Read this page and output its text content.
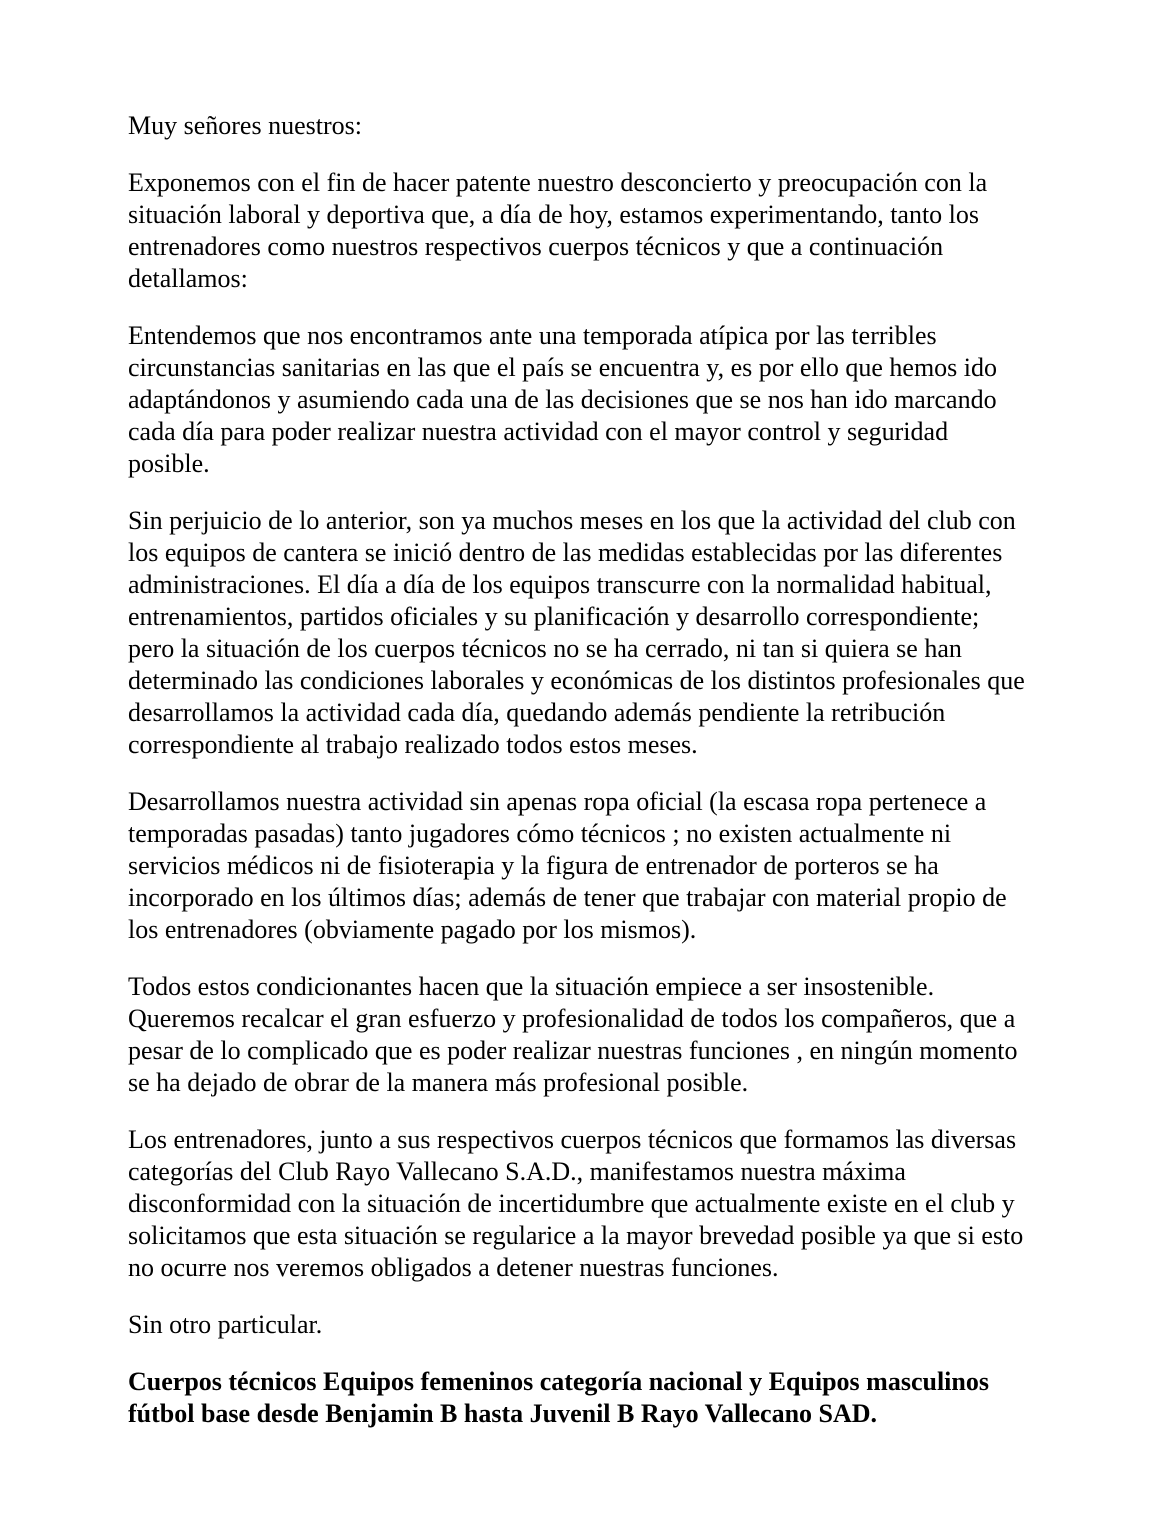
Muy señores nuestros:

Exponemos con el fin de hacer patente nuestro desconcierto y preocupación con la situación laboral y deportiva que, a día de hoy, estamos experimentando, tanto los entrenadores como nuestros respectivos cuerpos técnicos y que a continuación detallamos:

Entendemos que nos encontramos ante una temporada atípica por las terribles circunstancias sanitarias en las que el país se encuentra y, es por ello que hemos ido adaptándonos y asumiendo cada una de las decisiones que se nos han ido marcando cada día para poder realizar nuestra actividad con el mayor control y seguridad posible.

Sin perjuicio de lo anterior, son ya muchos meses en los que la actividad del club con los equipos de cantera se inició dentro de las medidas establecidas por las diferentes administraciones. El día a día de los equipos transcurre con la normalidad habitual, entrenamientos, partidos oficiales y su planificación y desarrollo correspondiente; pero la situación de los cuerpos técnicos no se ha cerrado, ni tan si quiera se han determinado las condiciones laborales y económicas de los distintos profesionales que desarrollamos la actividad cada día, quedando además pendiente la retribución correspondiente al trabajo realizado todos estos meses.

Desarrollamos nuestra actividad sin apenas ropa oficial (la escasa ropa pertenece a temporadas pasadas) tanto jugadores cómo técnicos ; no existen actualmente ni servicios médicos ni de fisioterapia y la figura de entrenador de porteros se ha incorporado en los últimos días; además de tener que trabajar con material propio de los entrenadores (obviamente pagado por los mismos).

Todos estos condicionantes hacen que la situación empiece a ser insostenible. Queremos recalcar el gran esfuerzo y profesionalidad de todos los compañeros, que a pesar de lo complicado que es poder realizar nuestras funciones , en ningún momento se ha dejado de obrar de la manera más profesional posible.

Los entrenadores, junto a sus respectivos cuerpos técnicos que formamos las diversas categorías del Club Rayo Vallecano S.A.D., manifestamos nuestra máxima disconformidad con la situación de incertidumbre que actualmente existe en el club y solicitamos que esta situación se regularice a la mayor brevedad posible ya que si esto no ocurre nos veremos obligados a detener nuestras funciones.

Sin otro particular.

Cuerpos técnicos Equipos femeninos categoría nacional y Equipos masculinos fútbol base desde Benjamin B hasta Juvenil B Rayo Vallecano SAD.
